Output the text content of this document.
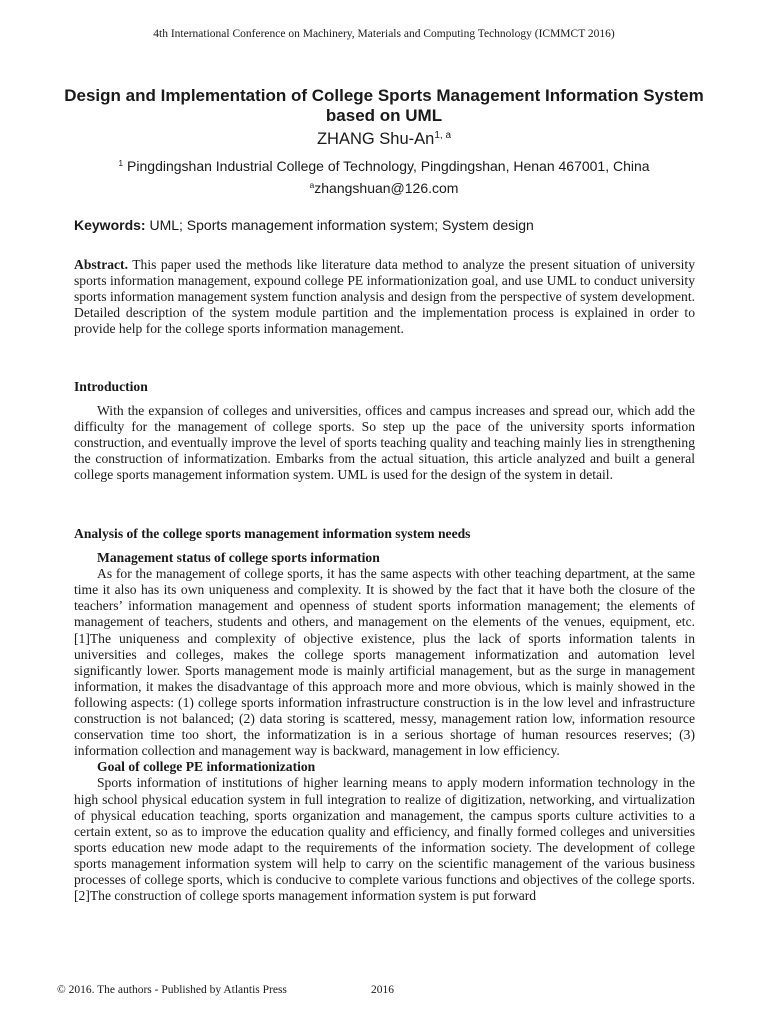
4th International Conference on Machinery, Materials and Computing Technology (ICMMCT 2016)
Design and Implementation of College Sports Management Information System based on UML
ZHANG Shu-An$^{1, a}$
$^1$ Pingdingshan Industrial College of Technology, Pingdingshan, Henan 467001, China
$^a$zhangshuan@126.com
Keywords: UML; Sports management information system; System design

Abstract. This paper used the methods like literature data method to analyze the present situation of university sports information management, expound college PE informationization goal, and use UML to conduct university sports information management system function analysis and design from the perspective of system development. Detailed description of the system module partition and the implementation process is explained in order to provide help for the college sports information management.

Introduction

With the expansion of colleges and universities, offices and campus increases and spread our, which add the difficulty for the management of college sports. So step up the pace of the university sports information construction, and eventually improve the level of sports teaching quality and teaching mainly lies in strengthening the construction of informatization. Embarks from the actual situation, this article analyzed and built a general college sports management information system. UML is used for the design of the system in detail.

Analysis of the college sports management information system needs

Management status of college sports information

As for the management of college sports, it has the same aspects with other teaching department, at the same time it also has its own uniqueness and complexity. It is showed by the fact that it have both the closure of the teachers’ information management and openness of student sports information management; the elements of management of teachers, students and others, and management on the elements of the venues, equipment, etc. [1]The uniqueness and complexity of objective existence, plus the lack of sports information talents in universities and colleges, makes the college sports management informatization and automation level significantly lower. Sports management mode is mainly artificial management, but as the surge in management information, it makes the disadvantage of this approach more and more obvious, which is mainly showed in the following aspects: (1) college sports information infrastructure construction is in the low level and infrastructure construction is not balanced; (2) data storing is scattered, messy, management ration low, information resource conservation time too short, the informatization is in a serious shortage of human resources reserves; (3) information collection and management way is backward, management in low efficiency.

Goal of college PE informationization

Sports information of institutions of higher learning means to apply modern information technology in the high school physical education system in full integration to realize of digitization, networking, and virtualization of physical education teaching, sports organization and management, the campus sports culture activities to a certain extent, so as to improve the education quality and efficiency, and finally formed colleges and universities sports education new mode adapt to the requirements of the information society. The development of college sports management information system will help to carry on the scientific management of the various business processes of college sports, which is conducive to complete various functions and objectives of the college sports. [2]The construction of college sports management information system is put forward

© 2016. The authors - Published by Atlantis Press	2016
